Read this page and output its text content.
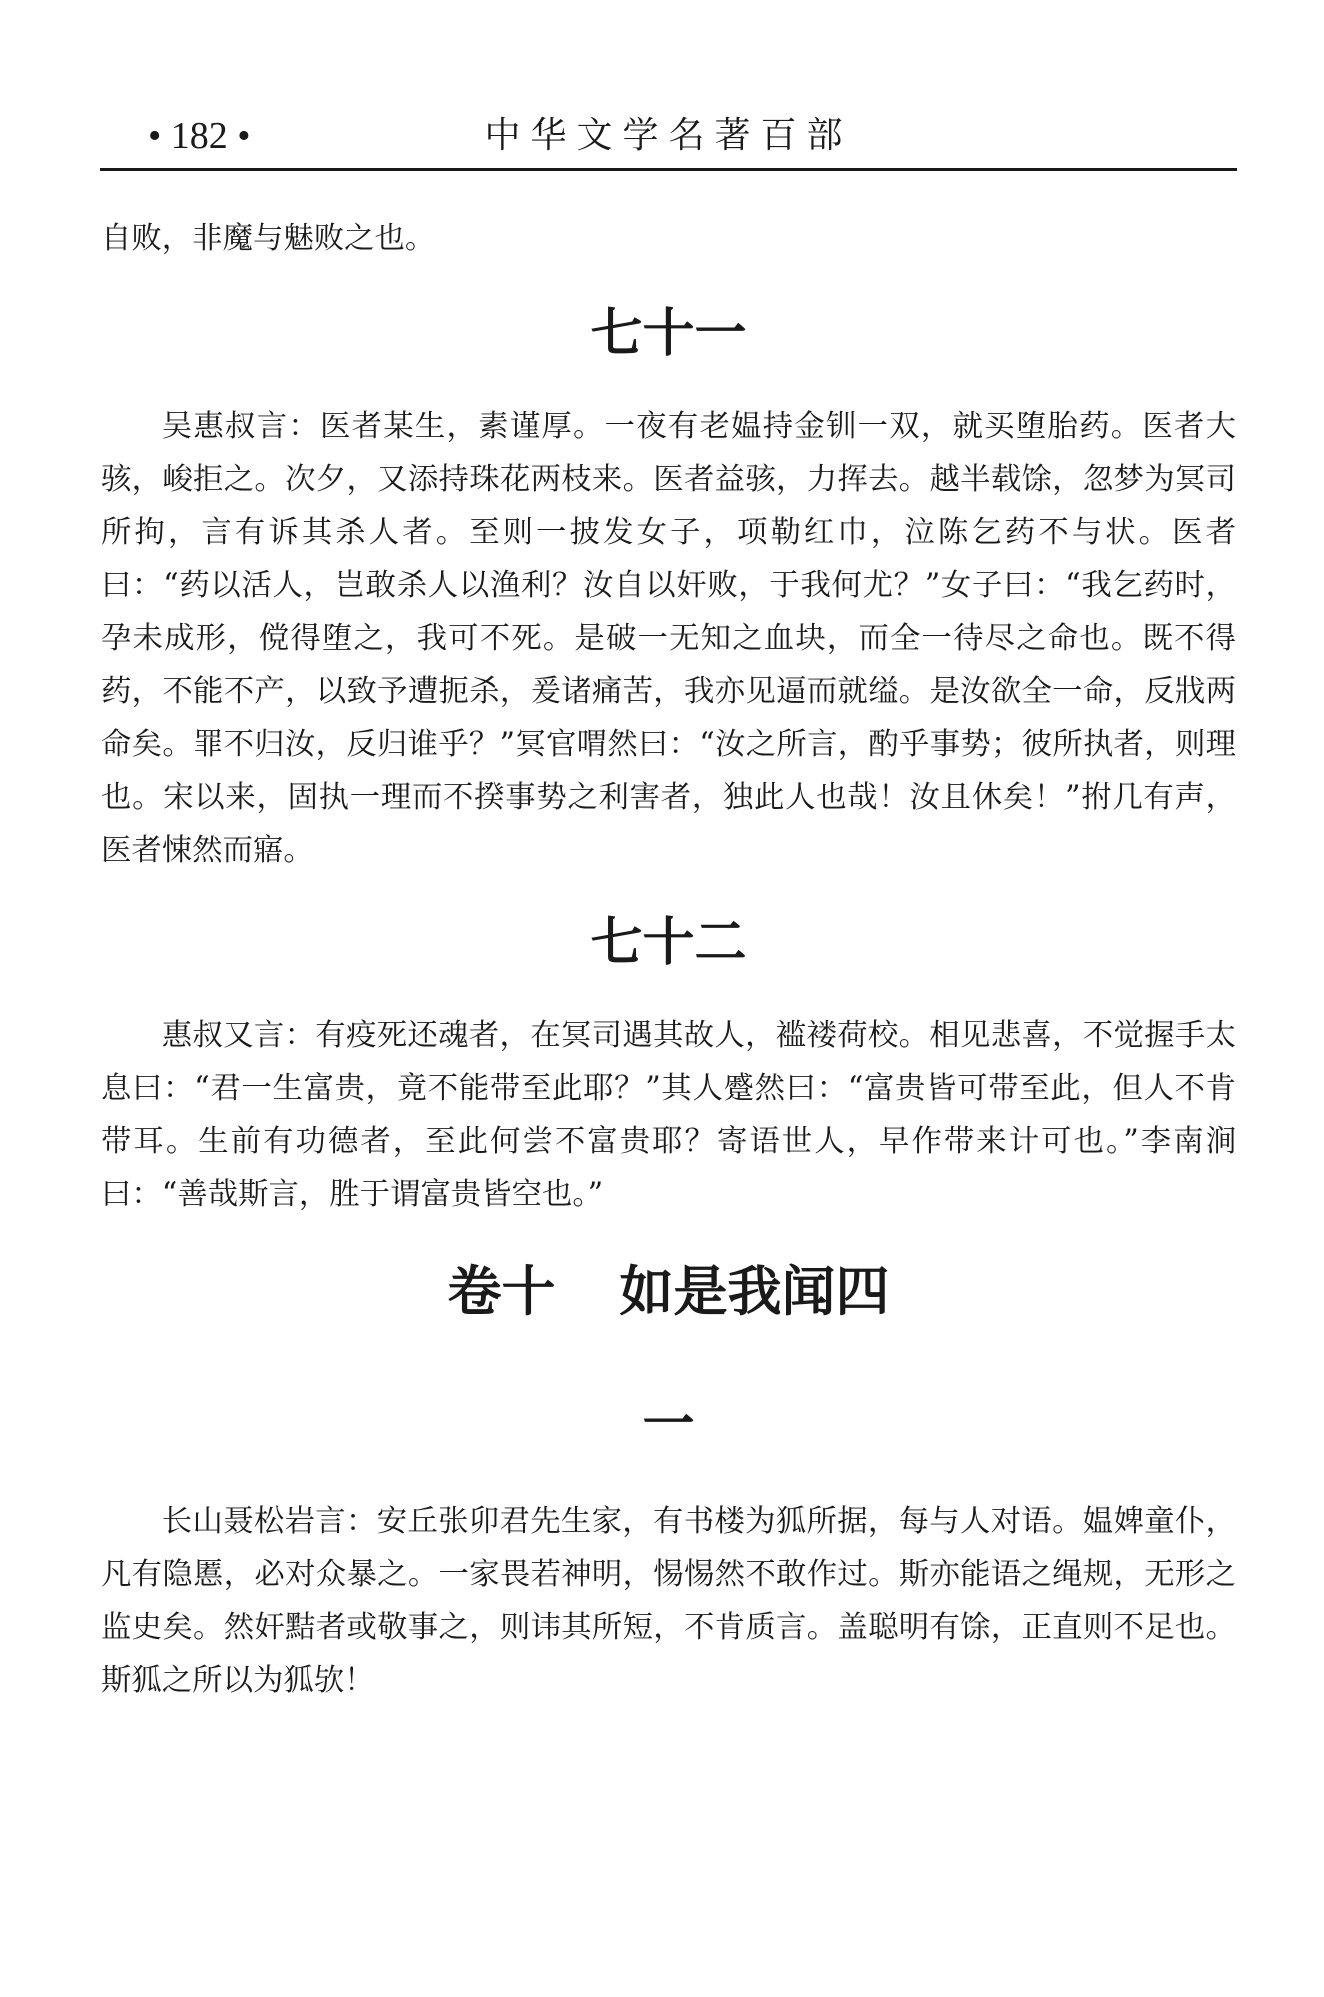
• 182 •	中华文学名著百部

自败，非魔与魅败之也。

七十一

吴惠叔言：医者某生，素谨厚。一夜有老媪持金钏一双，就买堕胎药。医者大骇，峻拒之。次夕，又添持珠花两枝来。医者益骇，力挥去。越半载馀，忽梦为冥司所拘，言有诉其杀人者。至则一披发女子，项勒红巾，泣陈乞药不与状。医者曰：“药以活人，岂敢杀人以渔利？汝自以奸败，于我何尤？”女子曰：“我乞药时，孕未成形，傥得堕之，我可不死。是破一无知之血块，而全一待尽之命也。既不得药，不能不产，以致予遭扼杀，爰诸痛苦，我亦见逼而就缢。是汝欲全一命，反戕两命矣。罪不归汝，反归谁乎？”冥官喟然曰：“汝之所言，酌乎事势；彼所执者，则理也。宋以来，固执一理而不揆事势之利害者，独此人也哉！汝且休矣！”拊几有声，医者悚然而寤。

七十二

惠叔又言：有疫死还魂者，在冥司遇其故人，褴褛荷校。相见悲喜，不觉握手太息曰：“君一生富贵，竟不能带至此耶？”其人蹙然曰：“富贵皆可带至此，但人不肯带耳。生前有功德者，至此何尝不富贵耶？寄语世人，早作带来计可也。”李南涧曰：“善哉斯言，胜于谓富贵皆空也。”

卷十 如是我闻四
一

长山聂松岩言：安丘张卯君先生家，有书楼为狐所据，每与人对语。媪婢童仆，凡有隐慝，必对众暴之。一家畏若神明，惕惕然不敢作过。斯亦能语之绳规，无形之监史矣。然奸黠者或敬事之，则讳其所短，不肯质言。盖聪明有馀，正直则不足也。斯狐之所以为狐欤！
